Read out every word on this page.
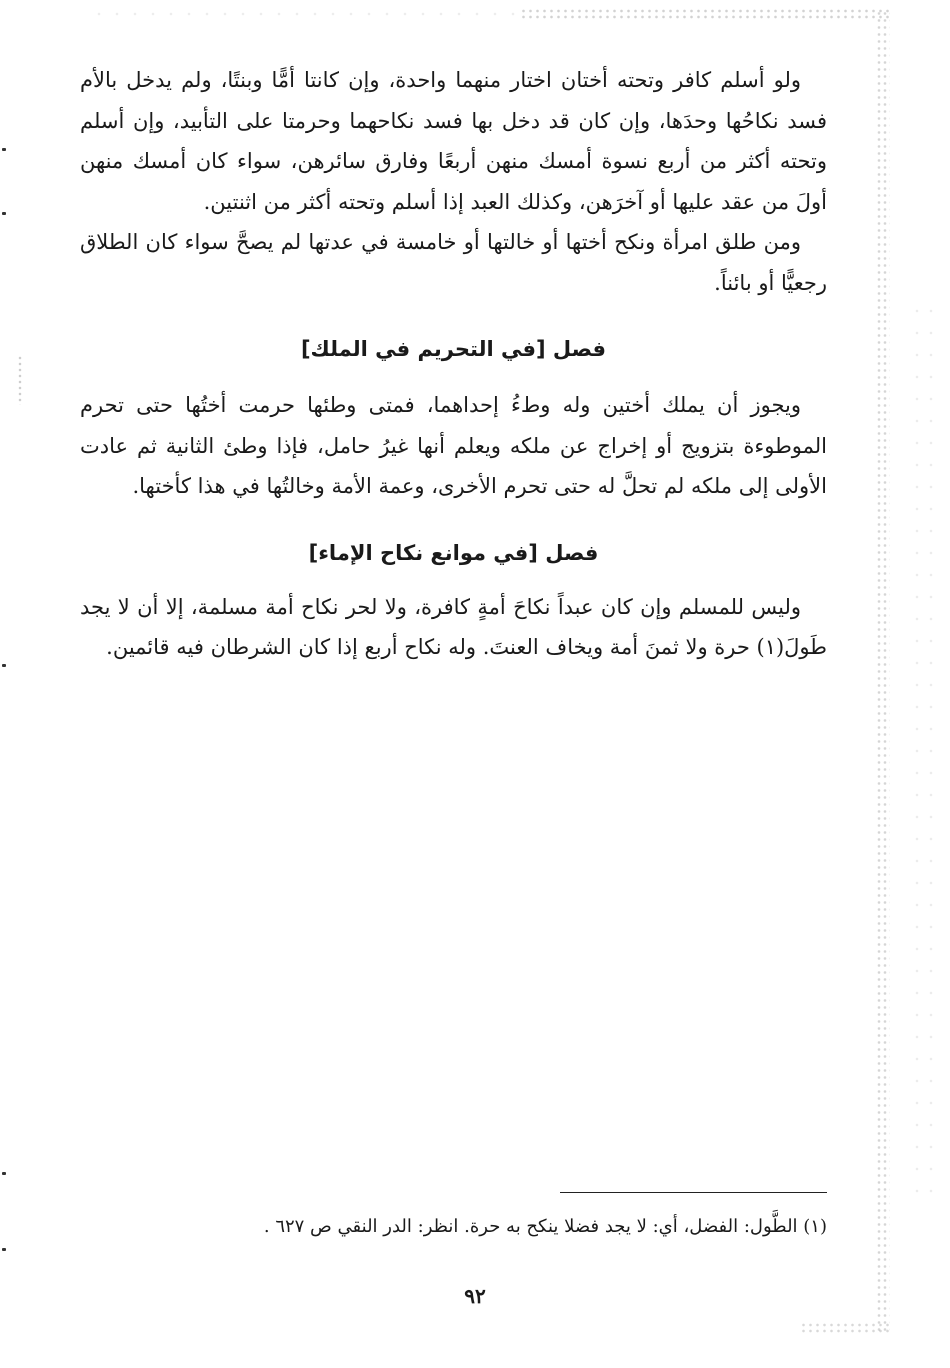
ولو أسلم كافر وتحته أختان اختار منهما واحدة، وإن كانتا أمًّا وبنتًا، ولم يدخل بالأم فسد نكاحُها وحدَها، وإن كان قد دخل بها فسد نكاحهما وحرمتا على التأبيد، وإن أسلم وتحته أكثر من أربع نسوة أمسك منهن أربعًا وفارق سائرهن، سواء كان أمسك منهن أولَ من عقد عليها أو آخرَهن، وكذلك العبد إذا أسلم وتحته أكثر من اثنتين.

ومن طلق امرأة ونكح أختها أو خالتها أو خامسة في عدتها لم يصحَّ سواء كان الطلاق رجعيًّا أو بائناً.

فصل [في التحريم في الملك]

ويجوز أن يملك أختين وله وطءُ إحداهما، فمتى وطئها حرمت أختُها حتى تحرم الموطوءة بتزويج أو إخراج عن ملكه ويعلم أنها غيرُ حامل، فإذا وطئ الثانية ثم عادت الأولى إلى ملكه لم تحلَّ له حتى تحرم الأخرى، وعمة الأمة وخالتُها في هذا كأختها.

فصل [في موانع نكاح الإماء]

وليس للمسلم وإن كان عبداً نكاحَ أمةٍ كافرة، ولا لحر نكاح أمة مسلمة، إلا أن لا يجد طَولَ(١) حرة ولا ثمنَ أمة ويخاف العنتَ. وله نكاح أربع إذا كان الشرطان فيه قائمين.

(١) الطَّول: الفضل، أي: لا يجد فضلا ينكح به حرة. انظر: الدر النقي ص ٦٢٧ .

٩٢
